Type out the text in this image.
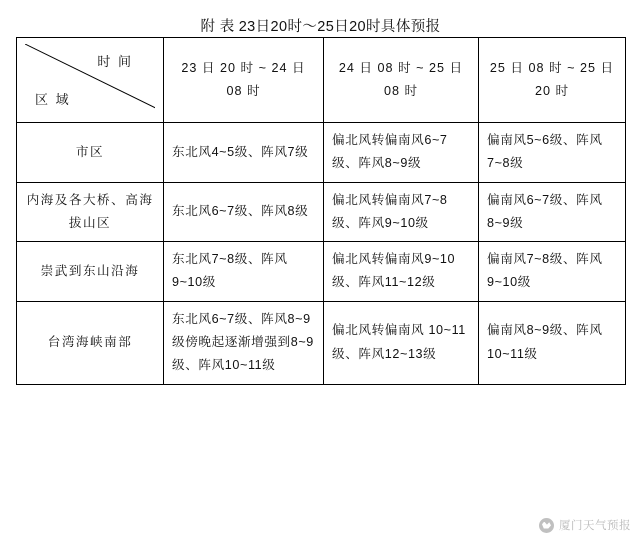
附 表 23日20时～25日20时具体预报
时 间
区 域	23 日 20 时 ~ 24 日 08 时	24 日 08 时 ~ 25 日 08 时	25 日 08 时 ~ 25 日 20 时
市区	东北风4~5级、阵风7级	偏北风转偏南风6~7级、阵风8~9级	偏南风5~6级、阵风7~8级
内海及各大桥、高海拔山区	东北风6~7级、阵风8级	偏北风转偏南风7~8级、阵风9~10级	偏南风6~7级、阵风8~9级
崇武到东山沿海	东北风7~8级、阵风9~10级	偏北风转偏南风9~10级、阵风11~12级	偏南风7~8级、阵风9~10级
台湾海峡南部	东北风6~7级、阵风8~9级傍晚起逐渐增强到8~9级、阵风10~11级	偏北风转偏南风 10~11级、阵风12~13级	偏南风8~9级、阵风10~11级
厦门天气预报
